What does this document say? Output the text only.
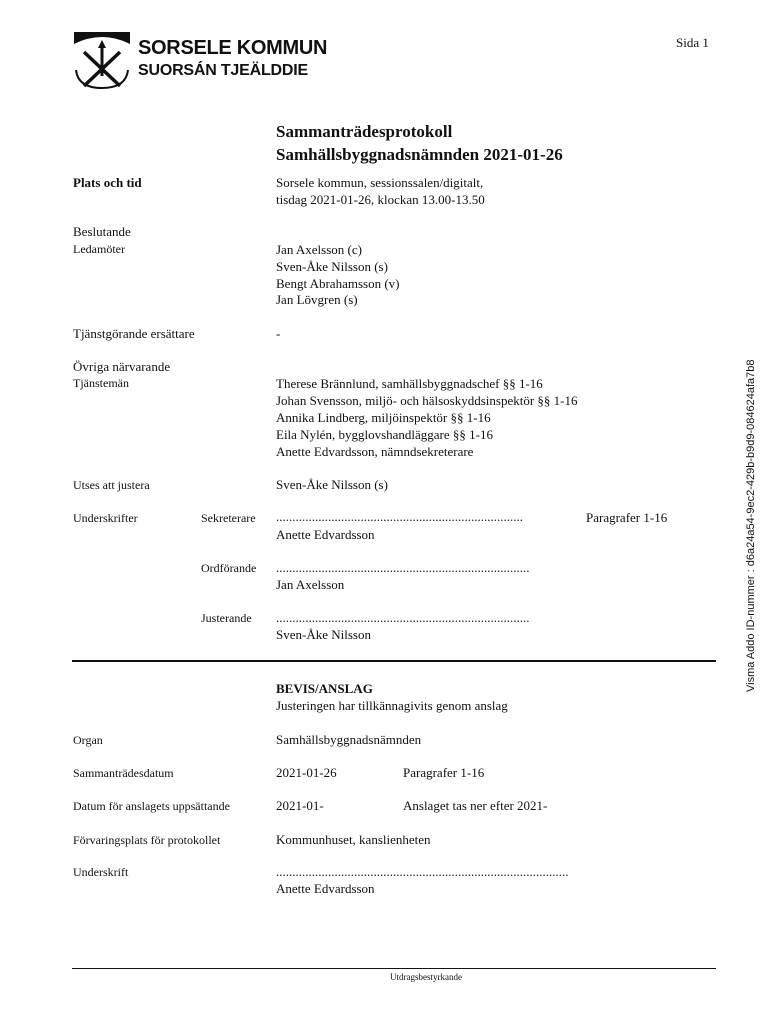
SORSELE KOMMUN
SUORSÁN TJEÄLDDIE
Sida 1
Sammanträdesprotokoll
Samhällsbyggnadsnämnden 2021-01-26
Plats och tid	Sorsele kommun, sessionssalen/digitalt,
tisdag 2021-01-26, klockan 13.00-13.50
Beslutande
Ledamöter	Jan Axelsson (c)
Sven-Åke Nilsson (s)
Bengt Abrahamsson (v)
Jan Lövgren (s)
Tjänstgörande ersättare	-
Övriga närvarande
Tjänstemän	Therese Brännlund, samhällsbyggnadschef §§ 1-16
Johan Svensson, miljö- och hälsoskyddsinspektör §§ 1-16
Annika Lindberg, miljöinspektör §§ 1-16
Eila Nylén, bygglovshandläggare §§ 1-16
Anette Edvardsson, nämndsekreterare
Utses att justera	Sven-Åke Nilsson (s)
Underskrifter	Sekreterare ............................................................................	Paragrafer 1-16
Anette Edvardsson
Ordförande ..............................................................................
Jan Axelsson
Justerande ..............................................................................
Sven-Åke Nilsson
BEVIS/ANSLAG
Justeringen har tillkännagivits genom anslag
Organ	Samhällsbyggnadsnämnden
Sammanträdesdatum	2021-01-26	Paragrafer 1-16
Datum för anslagets uppsättande	2021-01-	Anslaget tas ner efter 2021-
Förvaringsplats för protokollet	Kommunhuset, kanslienheten
Underskrift	..........................................................................................
Anette Edvardsson
Utdragsbestyrkande
Visma Addo ID-nummer : d6a24a54-9ec2-429b-b9d9-084624afa7b8
